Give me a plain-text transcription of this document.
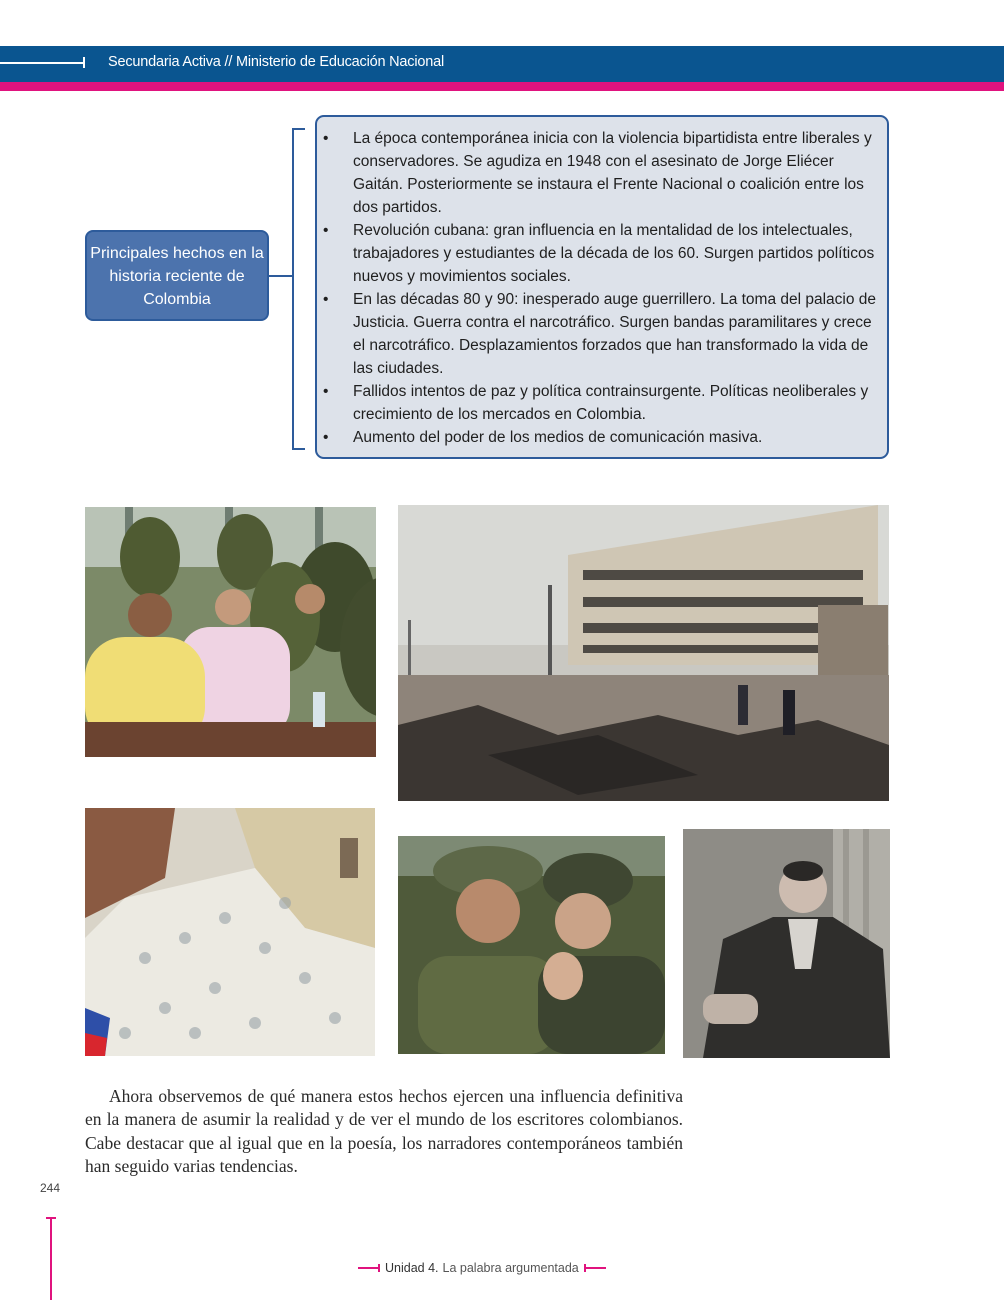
Secundaria Activa // Ministerio de Educación Nacional
Principales hechos en la historia reciente de Colombia
• La época contemporánea inicia con la violencia bipartidista entre liberales y conservadores. Se agudiza en 1948 con el asesinato de Jorge Eliécer Gaitán. Posteriormente se instaura el Frente Nacional o coalición entre los dos partidos.
• Revolución cubana: gran influencia en la mentalidad de los intelectuales, trabajadores y estudiantes de la década de los 60. Surgen partidos políticos nuevos y movimientos sociales.
• En las décadas 80 y 90: inesperado auge guerrillero. La toma del palacio de Justicia. Guerra contra el narcotráfico. Surgen bandas paramilitares y crece el narcotráfico. Desplazamientos forzados que han transformado la vida de las ciudades.
• Fallidos intentos de paz y política contrainsurgente. Políticas neoliberales y crecimiento de los mercados en Colombia.
• Aumento del poder de los medios de comunicación masiva.

Ahora observemos de qué manera estos hechos ejercen una influencia definitiva en la manera de asumir la realidad y de ver el mundo de los escritores colombianos. Cabe destacar que al igual que en la poesía, los narradores contemporáneos también han seguido varias tendencias.

244
Unidad 4. La palabra argumentada
